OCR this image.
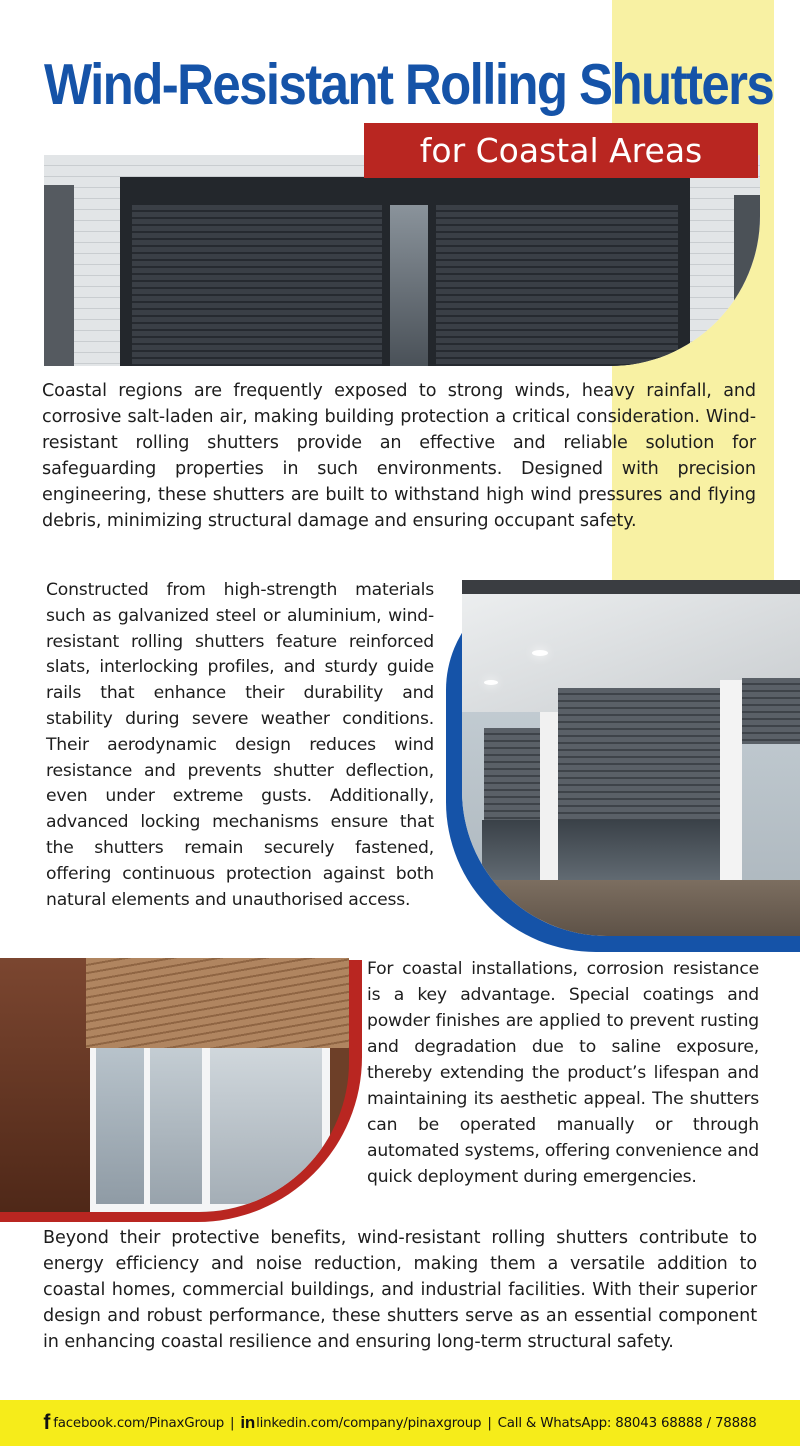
Wind-Resistant Rolling Shutters
for Coastal Areas

Coastal regions are frequently exposed to strong winds, heavy rainfall, and corrosive salt-laden air, making building protection a critical consideration. Wind-resistant rolling shutters provide an effective and reliable solution for safeguarding properties in such environments. Designed with precision engineering, these shutters are built to withstand high wind pressures and flying debris, minimizing structural damage and ensuring occupant safety.

Constructed from high-strength materials such as galvanized steel or aluminium, wind-resistant rolling shutters feature reinforced slats, interlocking profiles, and sturdy guide rails that enhance their durability and stability during severe weather conditions. Their aerodynamic design reduces wind resistance and prevents shutter deflection, even under extreme gusts. Additionally, advanced locking mechanisms ensure that the shutters remain securely fastened, offering continuous protection against both natural elements and unauthorised access.

For coastal installations, corrosion resistance is a key advantage. Special coatings and powder finishes are applied to prevent rusting and degradation due to saline exposure, thereby extending the product’s lifespan and maintaining its aesthetic appeal. The shutters can be operated manually or through automated systems, offering convenience and quick deployment during emergencies.

Beyond their protective benefits, wind-resistant rolling shutters contribute to energy efficiency and noise reduction, making them a versatile addition to coastal homes, commercial buildings, and industrial facilities. With their superior design and robust performance, these shutters serve as an essential component in enhancing coastal resilience and ensuring long-term structural safety.

f facebook.com/PinaxGroup | in linkedin.com/company/pinaxgroup | Call & WhatsApp: 88043 68888 / 78888
